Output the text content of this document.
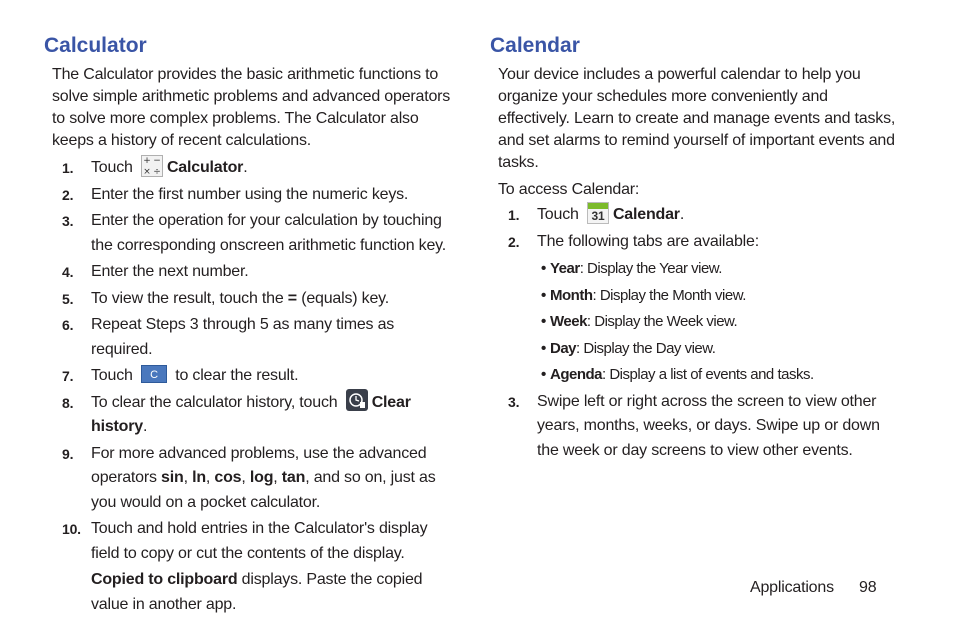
Calculator
The Calculator provides the basic arithmetic functions to solve simple arithmetic problems and advanced operators to solve more complex problems. The Calculator also keeps a history of recent calculations.
1. Touch + −
× ÷ Calculator.
2. Enter the first number using the numeric keys.
3. Enter the operation for your calculation by touching the corresponding onscreen arithmetic function key.
4. Enter the next number.
5. To view the result, touch the = (equals) key.
6. Repeat Steps 3 through 5 as many times as required.
7. Touch C to clear the result.
8. To clear the calculator history, touch Clear history.
9. For more advanced problems, use the advanced operators sin, ln, cos, log, tan, and so on, just as you would on a pocket calculator.
10. Touch and hold entries in the Calculator's display field to copy or cut the contents of the display.
Copied to clipboard displays. Paste the copied value in another app.
Calendar
Your device includes a powerful calendar to help you organize your schedules more conveniently and effectively. Learn to create and manage events and tasks, and set alarms to remind yourself of important events and tasks.
To access Calendar:
1. Touch 31 Calendar.
2. The following tabs are available:
• Year: Display the Year view.
• Month: Display the Month view.
• Week: Display the Week view.
• Day: Display the Day view.
• Agenda: Display a list of events and tasks.
3. Swipe left or right across the screen to view other years, months, weeks, or days. Swipe up or down the week or day screens to view other events.
Applications 98
